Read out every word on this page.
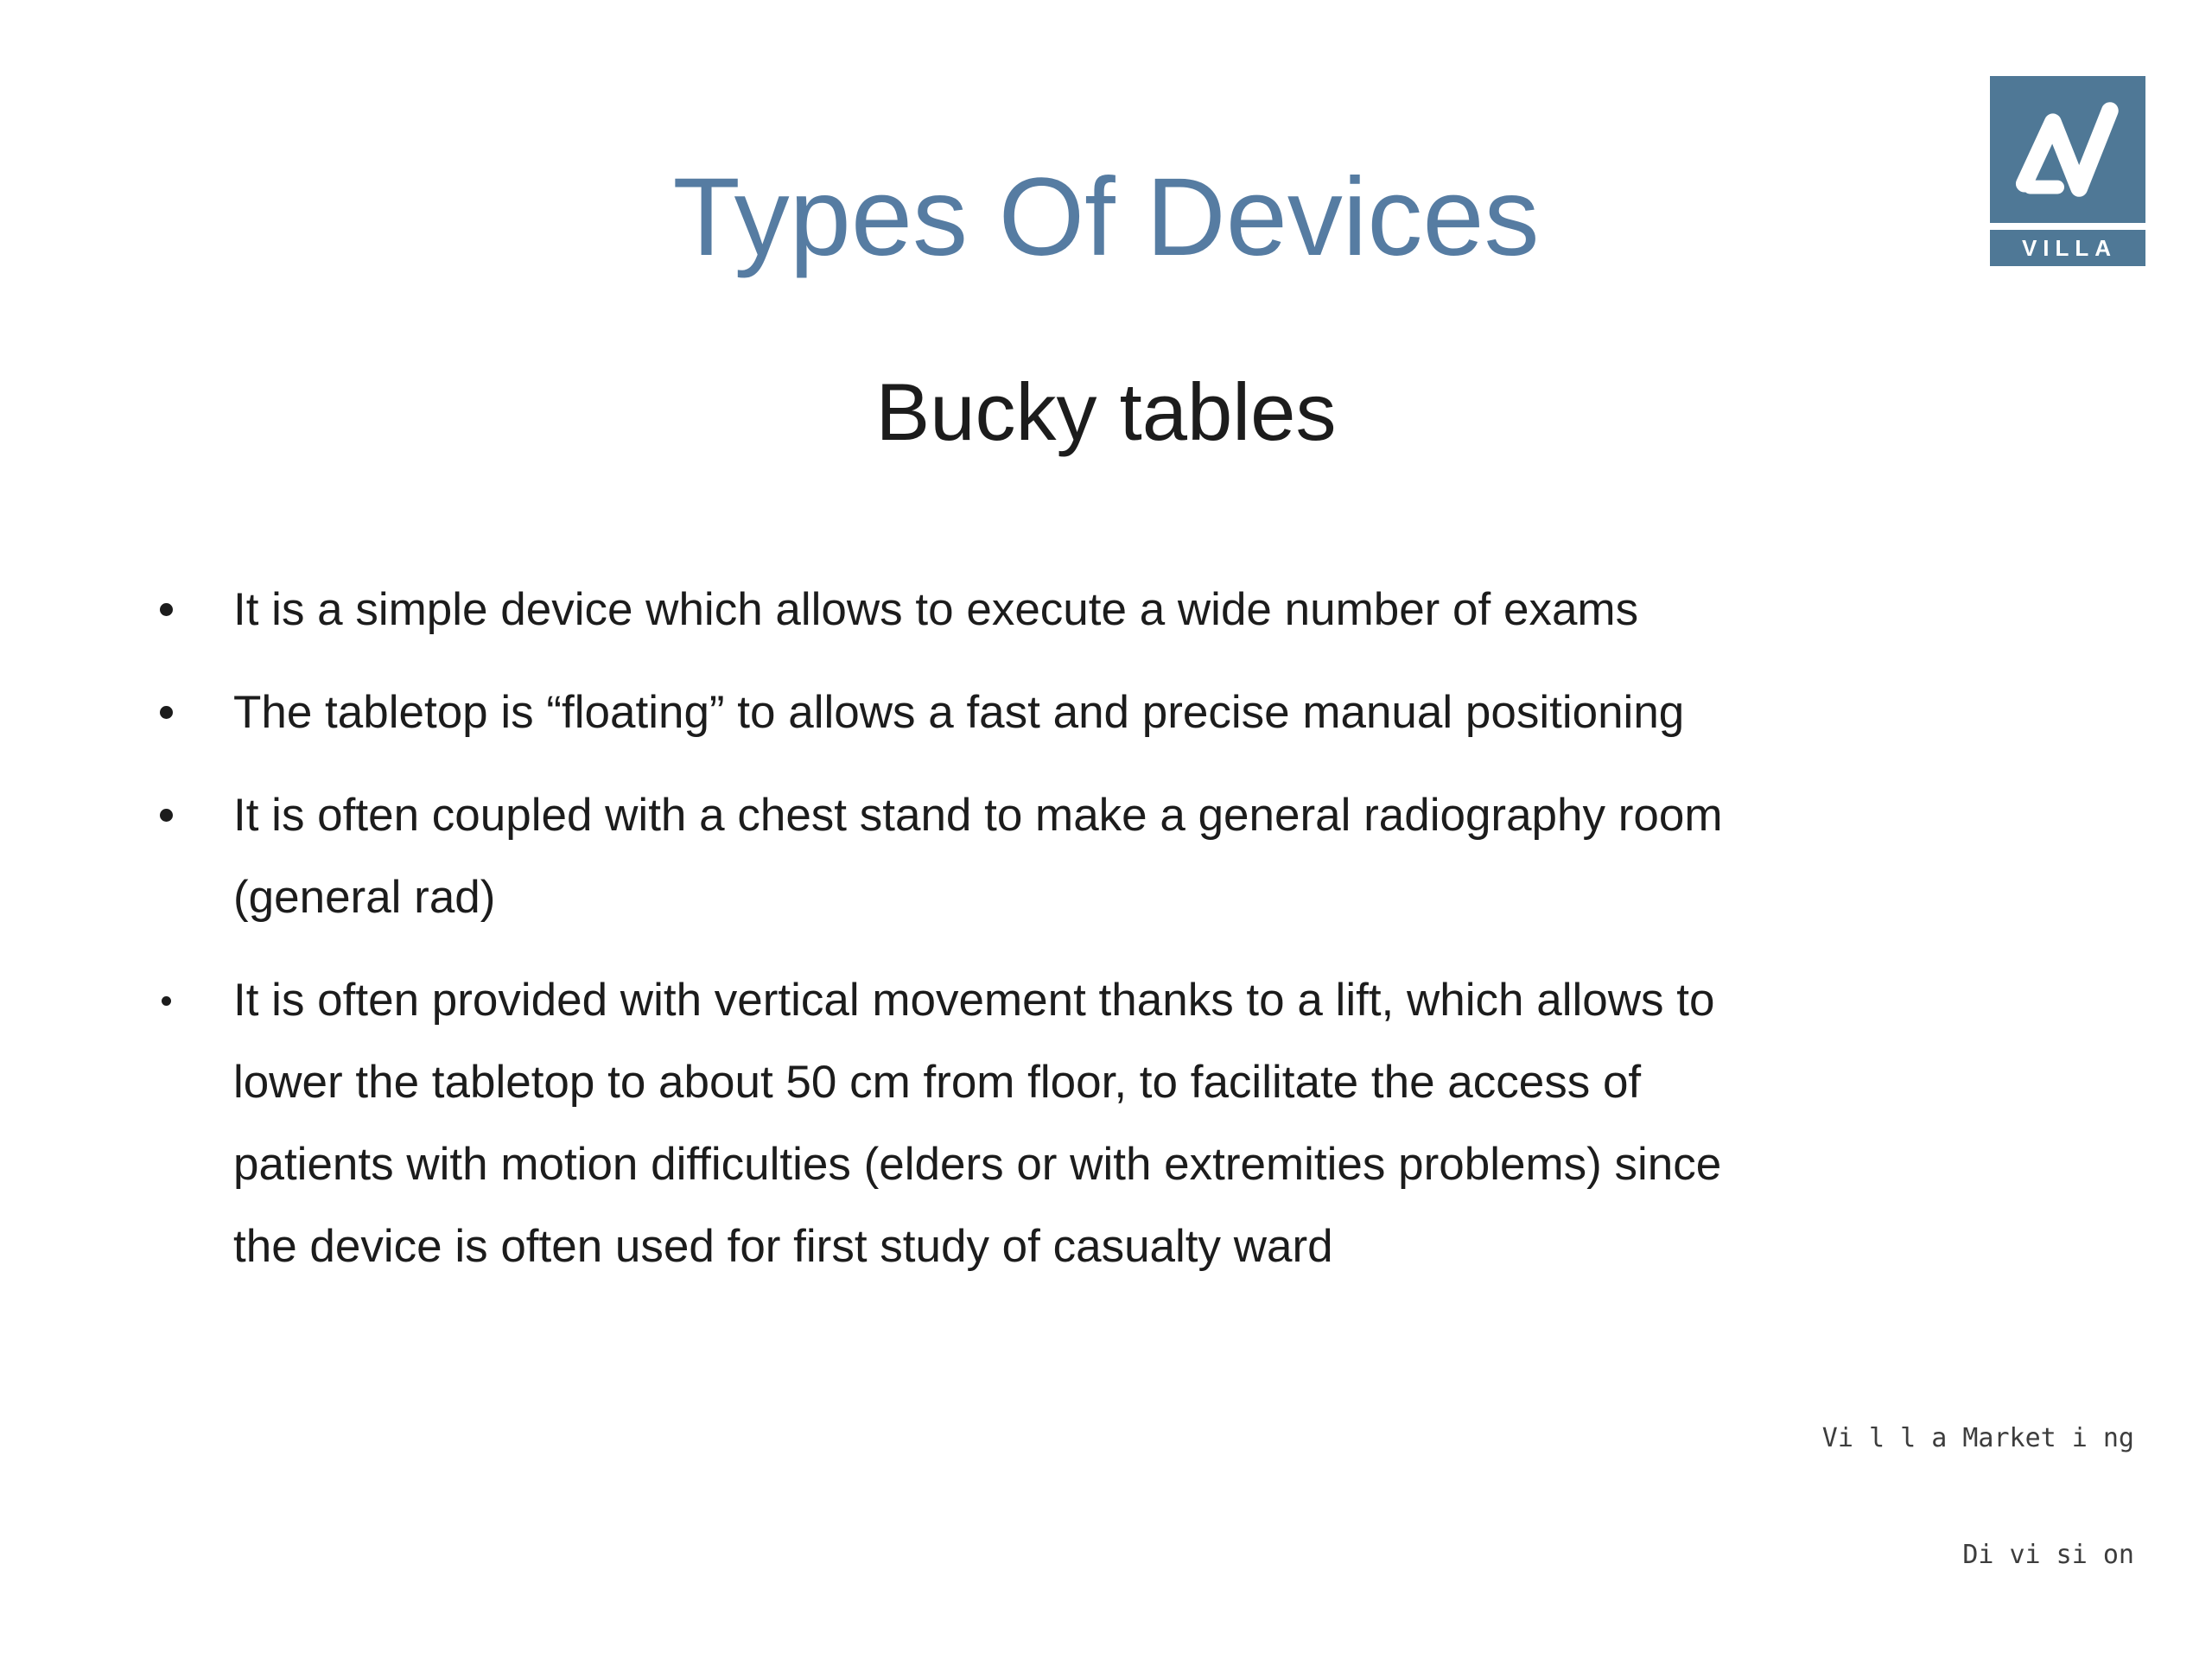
Types Of Devices	VILLA
Bucky tables
It is a simple device which allows to execute a wide number of exams
The tabletop is “floating” to allows a fast and precise manual positioning
It is often coupled with a chest stand to make a general radiography room
(general rad)
It is often provided with vertical movement thanks to a lift, which allows to
lower the tabletop to about 50 cm from floor, to facilitate the access of
patients with motion difficulties (elders or with extremities problems) since
the device is often used for first study of casualty ward

Vi l l a Market i ng

Di vi si on
